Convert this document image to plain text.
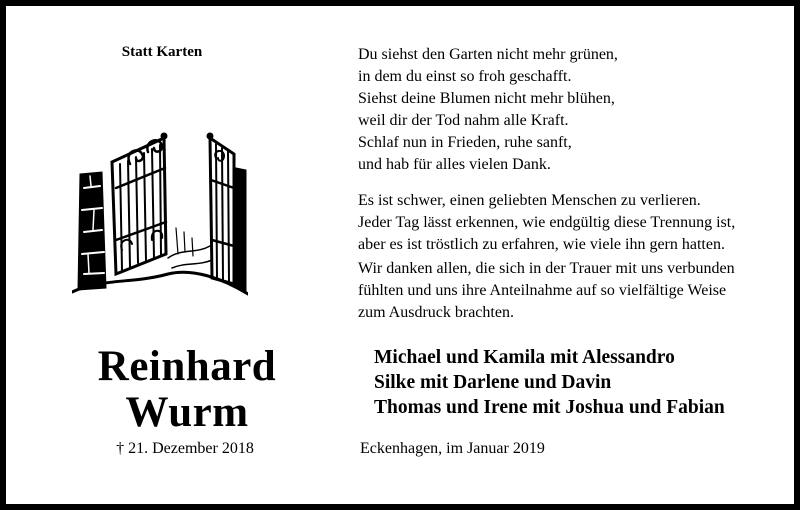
Statt Karten
Reinhard
Wurm
† 21. Dezember 2018
Du siehst den Garten nicht mehr grünen,
in dem du einst so froh geschafft.
Siehst deine Blumen nicht mehr blühen,
weil dir der Tod nahm alle Kraft.
Schlaf nun in Frieden, ruhe sanft,
und hab für alles vielen Dank.
Es ist schwer, einen geliebten Menschen zu verlieren.
Jeder Tag lässt erkennen, wie endgültig diese Trennung ist,
aber es ist tröstlich zu erfahren, wie viele ihn gern hatten.
Wir danken allen, die sich in der Trauer mit uns verbunden
fühlten und uns ihre Anteilnahme auf so vielfältige Weise
zum Ausdruck brachten.
Michael und Kamila mit Alessandro
Silke mit Darlene und Davin
Thomas und Irene mit Joshua und Fabian
Eckenhagen, im Januar 2019
